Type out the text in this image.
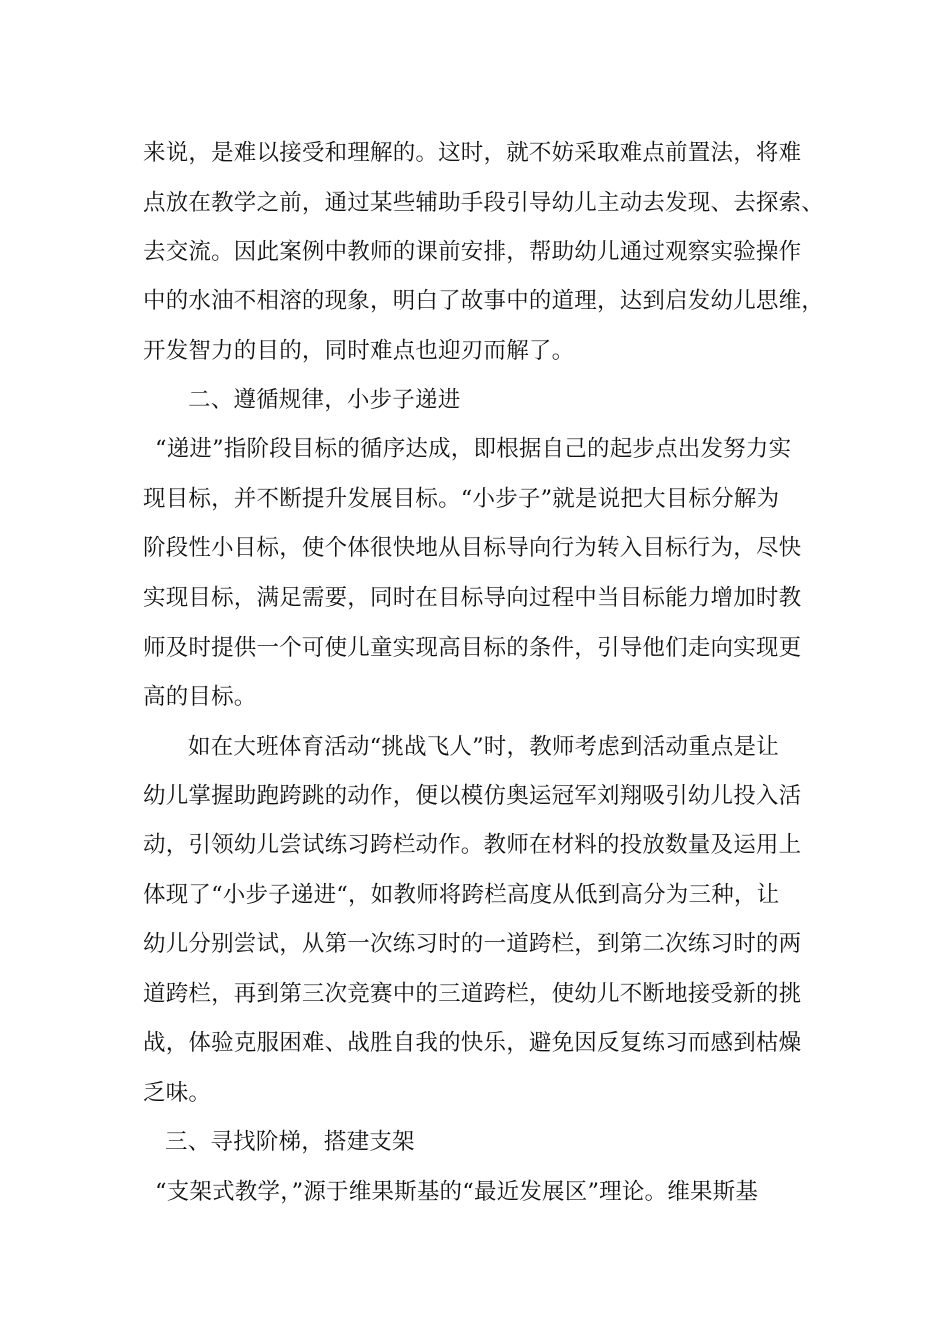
来说，是难以接受和理解的。这时，就不妨采取难点前置法，将难
点放在教学之前，通过某些辅助手段引导幼儿主动去发现、去探索、
去交流。因此案例中教师的课前安排，帮助幼儿通过观察实验操作
中的水油不相溶的现象，明白了故事中的道理，达到启发幼儿思维，
开发智力的目的，同时难点也迎刃而解了。
二、遵循规律，小步子递进
“递进”指阶段目标的循序达成，即根据自己的起步点出发努力实
现目标，并不断提升发展目标。“小步子”就是说把大目标分解为
阶段性小目标，使个体很快地从目标导向行为转入目标行为，尽快
实现目标，满足需要，同时在目标导向过程中当目标能力增加时教
师及时提供一个可使儿童实现高目标的条件，引导他们走向实现更
高的目标。
如在大班体育活动“挑战飞人”时，教师考虑到活动重点是让
幼儿掌握助跑跨跳的动作，便以模仿奥运冠军刘翔吸引幼儿投入活
动，引领幼儿尝试练习跨栏动作。教师在材料的投放数量及运用上
体现了“小步子递进“，如教师将跨栏高度从低到高分为三种，让
幼儿分别尝试，从第一次练习时的一道跨栏，到第二次练习时的两
道跨栏，再到第三次竞赛中的三道跨栏，使幼儿不断地接受新的挑
战，体验克服困难、战胜自我的快乐，避免因反复练习而感到枯燥
乏味。
三、寻找阶梯，搭建支架
“支架式教学，”源于维果斯基的“最近发展区”理论。维果斯基
